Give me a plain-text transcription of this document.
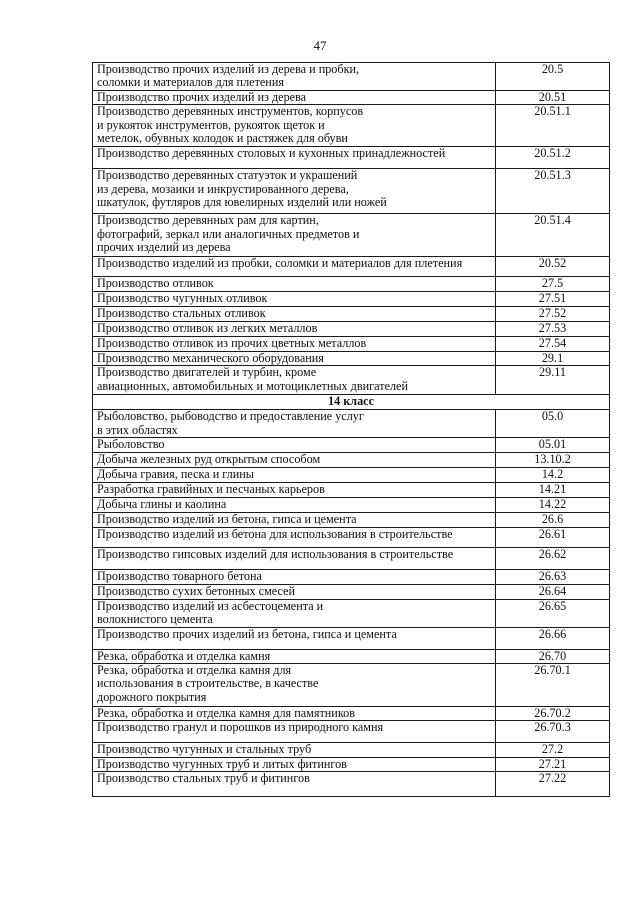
47
Производство прочих изделий из дерева и пробки,
соломки и материалов для плетения	20.5
Производство прочих изделий из дерева	20.51
Производство деревянных инструментов, корпусов
и рукояток инструментов, рукояток щеток и
метелок, обувных колодок и растяжек для обуви	20.51.1
Производство деревянных столовых и кухонных принадлежностей	20.51.2
Производство деревянных статуэток и украшений
из дерева, мозаики и инкрустированного дерева,
шкатулок, футляров для ювелирных изделий или ножей	20.51.3
Производство деревянных рам для картин,
фотографий, зеркал или аналогичных предметов и
прочих изделий из дерева	20.51.4
Производство изделий из пробки, соломки и материалов для плетения	20.52
Производство отливок	27.5
Производство чугунных отливок	27.51
Производство стальных отливок	27.52
Производство отливок из легких металлов	27.53
Производство отливок из прочих цветных металлов	27.54
Производство механического оборудования	29.1
Производство двигателей и турбин, кроме
авиационных, автомобильных и мотоциклетных двигателей	29.11
14 класс	
Рыболовство, рыбоводство и предоставление услуг
в этих областях	05.0
Рыболовство	05.01
Добыча железных руд открытым способом	13.10.2
Добыча гравия, песка и глины	14.2
Разработка гравийных и песчаных карьеров	14.21
Добыча глины и каолина	14.22
Производство изделий из бетона, гипса и цемента	26.6
Производство изделий из бетона для использования в строительстве	26.61
Производство гипсовых изделий для использования в строительстве	26.62
Производство товарного бетона	26.63
Производство сухих бетонных смесей	26.64
Производство изделий из асбестоцемента и
волокнистого цемента	26.65
Производство прочих изделий из бетона, гипса и цемента	26.66
Резка, обработка и отделка камня	26.70
Резка, обработка и отделка камня для
использования в строительстве, в качестве
дорожного покрытия	26.70.1
Резка, обработка и отделка камня для памятников	26.70.2
Производство гранул и порошков из природного камня	26.70.3
Производство чугунных и стальных труб	27.2
Производство чугунных труб и литых фитингов	27.21
Производство стальных труб и фитингов	27.22
